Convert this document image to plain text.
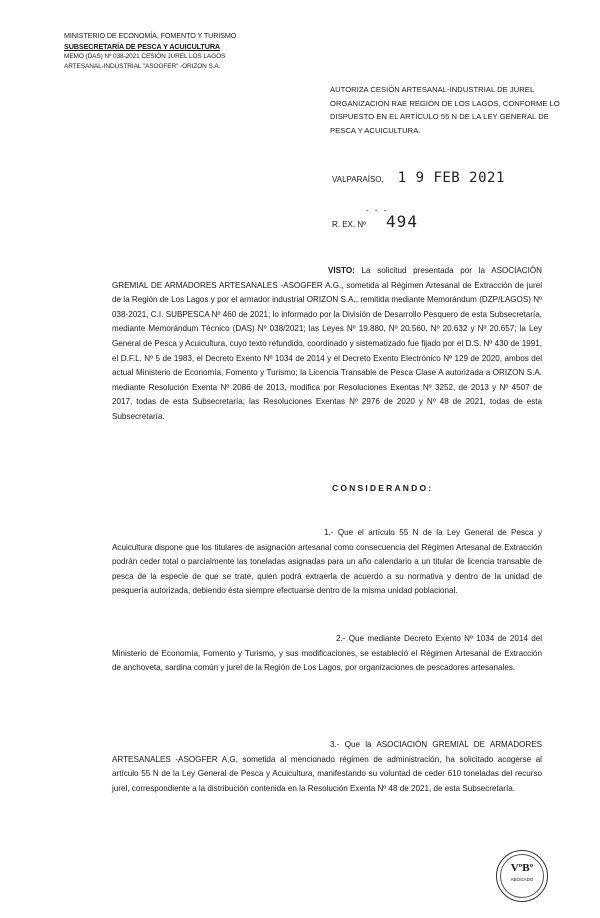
MINISTERIO DE ECONOMÍA, FOMENTO Y TURISMO
SUBSECRETARÍA DE PESCA Y ACUICULTURA
MEMO (DAS) Nº 038-2021 CESIÓN JUREL LOS LAGOS
ARTESANAL-INDUSTRIAL "ASOGFER" -ORIZON S.A.
AUTORIZA CESIÓN ARTESANAL-INDUSTRIAL DE JUREL ORGANIZACIÓN RAE REGIÓN DE LOS LAGOS, CONFORME LO DISPUESTO EN EL ARTÍCULO 55 N DE LA LEY GENERAL DE PESCA Y ACUICULTURA.
VALPARAÍSO, 1 9 FEB 2021
- - -
R. EX. Nº 494
VISTO: La solicitud presentada por la ASOCIACIÓN GREMIAL DE ARMADORES ARTESANALES -ASOGFER A.G., sometida al Régimen Artesanal de Extracción de jurel de la Región de Los Lagos y por el armador industrial ORIZON S.A., remitida mediante Memorándum (DZP/LAGOS) Nº 038-2021, C.I. SUBPESCA Nº 460 de 2021; lo informado por la División de Desarrollo Pesquero de esta Subsecretaría, mediante Memorándum Técnico (DAS) Nº 038/2021; las Leyes Nº 19.880, Nº 20.560, Nº 20.632 y Nº 20.657; la Ley General de Pesca y Acuicultura, cuyo texto refundido, coordinado y sistematizado fue fijado por el D.S. Nº 430 de 1991, el D.F.L. Nº 5 de 1983, el Decreto Exento Nº 1034 de 2014 y el Decreto Exento Electrónico Nº 129 de 2020, ambos del actual Ministerio de Economía, Fomento y Turismo; la Licencia Transable de Pesca Clase A autorizada a ORIZON S.A. mediante Resolución Exenta Nº 2086 de 2013, modifica por Resoluciones Exentas Nº 3252, de 2013 y Nº 4507 de 2017, todas de esta Subsecretaría; las Resoluciones Exentas Nº 2976 de 2020 y Nº 48 de 2021, todas de esta Subsecretaría.
CONSIDERANDO:
1.- Que el artículo 55 N de la Ley General de Pesca y Acuicultura dispone que los titulares de asignación artesanal como consecuencia del Régimen Artesanal de Extracción podrán ceder total o parcialmente las toneladas asignadas para un año calendario a un titular de licencia transable de pesca de la especie de que se trate, quien podrá extraerla de acuerdo a su normativa y dentro de la unidad de pesquería autorizada, debiendo ésta siempre efectuarse dentro de la misma unidad poblacional.
2.- Que mediante Decreto Exento Nº 1034 de 2014 del Ministerio de Economía, Fomento y Turismo, y sus modificaciones, se estableció el Régimen Artesanal de Extracción de anchoveta, sardina común y jurel de la Región de Los Lagos, por organizaciones de pescadores artesanales.
3.- Que la ASOCIACIÓN GREMIAL DE ARMADORES ARTESANALES -ASOGFER A.G, sometida al mencionado régimen de administración, ha solicitado acogerse al artículo 55 N de la Ley General de Pesca y Acuicultura, manifestando su voluntad de ceder 610 toneladas del recurso jurel, correspondiente a la distribución contenida en la Resolución Exenta Nº 48 de 2021, de esta Subsecretaría.
VºBº
ABOGADO
